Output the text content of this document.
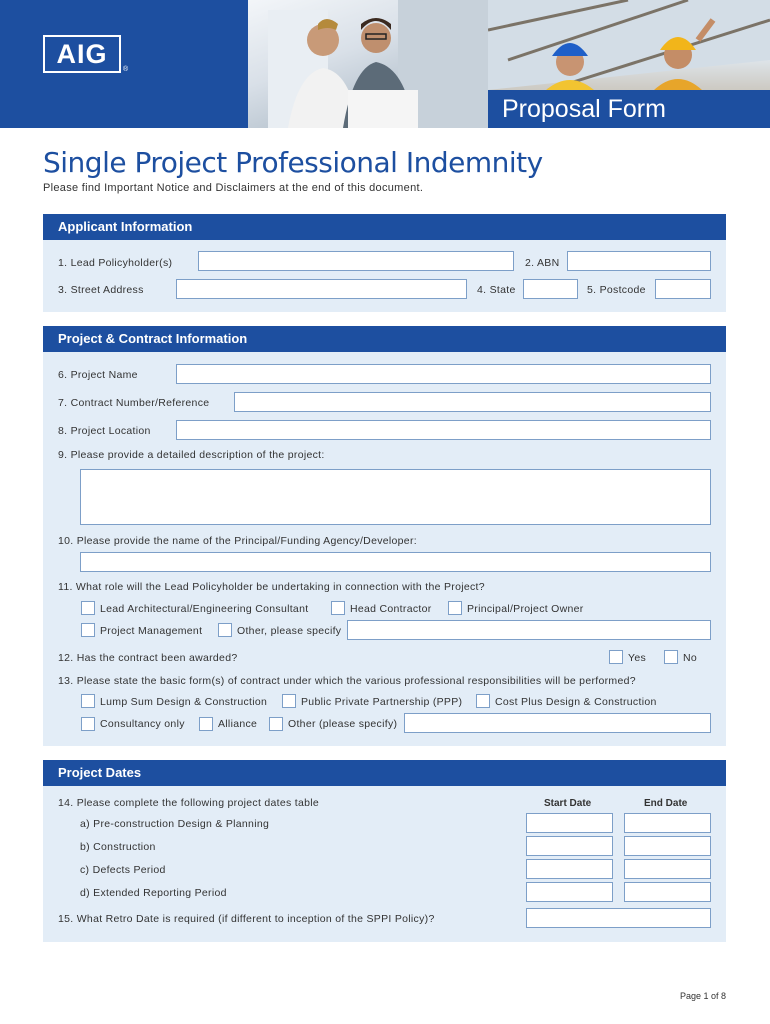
AIG
®
Proposal Form
Single Project Professional Indemnity
Please find Important Notice and Disclaimers at the end of this document.
Applicant Information
1. Lead Policyholder(s)	2. ABN
3. Street Address	4. State	5. Postcode
Project & Contract Information
6. Project Name
7. Contract Number/Reference
8. Project Location
9. Please provide a detailed description of the project:
10. Please provide the name of the Principal/Funding Agency/Developer:
11. What role will the Lead Policyholder be undertaking in connection with the Project?
Lead Architectural/Engineering Consultant	Head Contractor	Principal/Project Owner
Project Management	Other, please specify
12. Has the contract been awarded?	Yes	No
13. Please state the basic form(s) of contract under which the various professional responsibilities will be performed?
Lump Sum Design & Construction	Public Private Partnership (PPP)	Cost Plus Design & Construction
Consultancy only	Alliance	Other (please specify)
Project Dates
14. Please complete the following project dates table	Start Date	End Date
a) Pre-construction Design & Planning
b) Construction
c) Defects Period
d) Extended Reporting Period
15. What Retro Date is required (if different to inception of the SPPI Policy)?
Page 1 of 8
